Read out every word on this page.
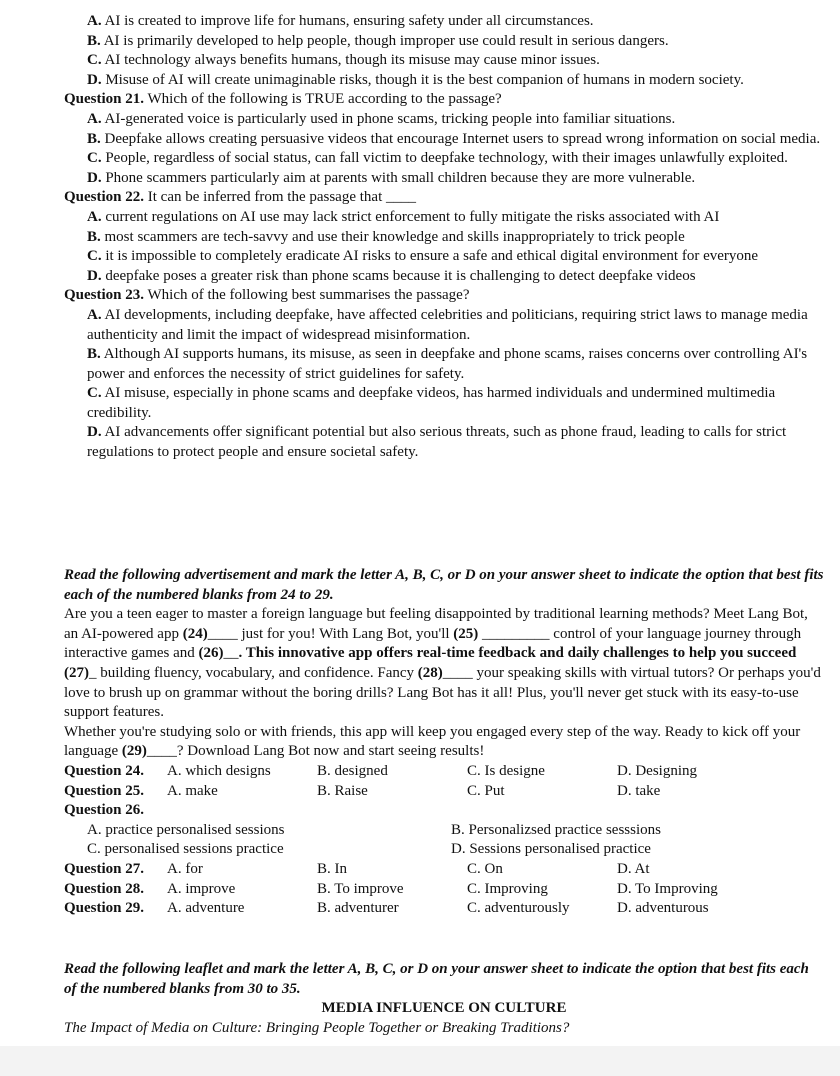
A. AI is created to improve life for humans, ensuring safety under all circumstances.
B. AI is primarily developed to help people, though improper use could result in serious dangers.
C. AI technology always benefits humans, though its misuse may cause minor issues.
D. Misuse of AI will create unimaginable risks, though it is the best companion of humans in modern society.
Question 21. Which of the following is TRUE according to the passage?
A. AI-generated voice is particularly used in phone scams, tricking people into familiar situations.
B. Deepfake allows creating persuasive videos that encourage Internet users to spread wrong information on social media.
C. People, regardless of social status, can fall victim to deepfake technology, with their images unlawfully exploited.
D. Phone scammers particularly aim at parents with small children because they are more vulnerable.
Question 22. It can be inferred from the passage that ____
A. current regulations on AI use may lack strict enforcement to fully mitigate the risks associated with AI
B. most scammers are tech-savvy and use their knowledge and skills inappropriately to trick people
C. it is impossible to completely eradicate AI risks to ensure a safe and ethical digital environment for everyone
D. deepfake poses a greater risk than phone scams because it is challenging to detect deepfake videos
Question 23. Which of the following best summarises the passage?
A. AI developments, including deepfake, have affected celebrities and politicians, requiring strict laws to manage media authenticity and limit the impact of widespread misinformation.
B. Although AI supports humans, its misuse, as seen in deepfake and phone scams, raises concerns over controlling AI's power and enforces the necessity of strict guidelines for safety.
C. AI misuse, especially in phone scams and deepfake videos, has harmed individuals and undermined multimedia credibility.
D. AI advancements offer significant potential but also serious threats, such as phone fraud, leading to calls for strict regulations to protect people and ensure societal safety.
Read the following advertisement and mark the letter A, B, C, or D on your answer sheet to indicate the option that best fits each of the numbered blanks from 24 to 29.
Are you a teen eager to master a foreign language but feeling disappointed by traditional learning methods? Meet Lang Bot, an AI-powered app (24)____ just for you! With Lang Bot, you'll (25) _________ control of your language journey through interactive games and (26)__. This innovative app offers real-time feedback and daily challenges to help you succeed (27)_ building fluency, vocabulary, and confidence. Fancy (28)____ your speaking skills with virtual tutors? Or perhaps you'd love to brush up on grammar without the boring drills? Lang Bot has it all! Plus, you'll never get stuck with its easy-to-use support features.
Whether you're studying solo or with friends, this app will keep you engaged every step of the way. Ready to kick off your language (29)____? Download Lang Bot now and start seeing results!
Question 24.	A. which designs	B. designed	C. Is designe	D. Designing
Question 25.	A. make	B. Raise	C. Put	D. take
Question 26.
A. practice personalised sessions	B. Personalizsed practice sesssions
C. personalised sessions practice	D. Sessions personalised practice
Question 27.	A. for	B. In	C. On	D. At
Question 28.	A. improve	B. To improve	C. Improving	D. To Improving
Question 29.	A. adventure	B. adventurer	C. adventurously	D. adventurous
Read the following leaflet and mark the letter A, B, C, or D on your answer sheet to indicate the option that best fits each of the numbered blanks from 30 to 35.
MEDIA INFLUENCE ON CULTURE
The Impact of Media on Culture: Bringing People Together or Breaking Traditions?
